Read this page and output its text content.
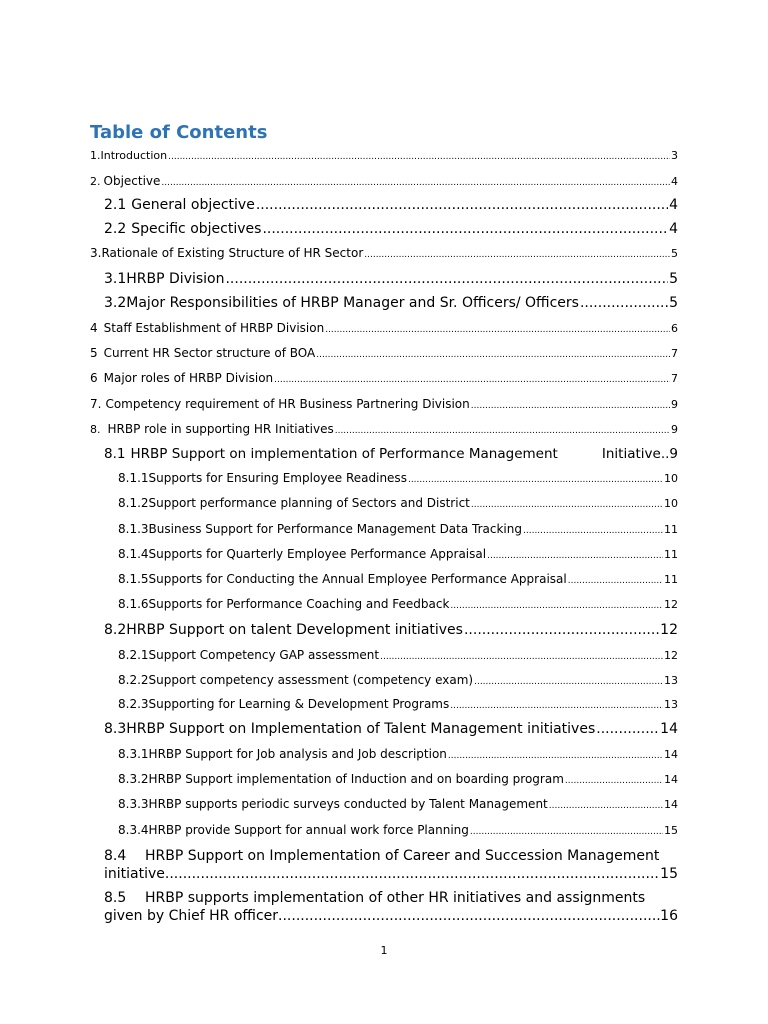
Table of Contents
1. Introduction .....	3
2. Objective .....	4
2.1 General objective .....	4
2.2 Specific objectives .....	4
3. Rationale of Existing Structure of HR Sector .....	5
3.1 HRBP Division .....	5
3.2 Major Responsibilities of HRBP Manager and Sr. Officers/ Officers .....	5
4 Staff Establishment of HRBP Division .....	6
5 Current HR Sector structure of BOA .....	7
6 Major roles of HRBP Division .....	7
7. Competency requirement of HR Business Partnering Division .....	9
8. HRBP role in supporting HR Initiatives .....	9
8.1 HRBP Support on implementation of Performance Management	Initiative .. 9
8.1.1 Supports for Ensuring Employee Readiness .....	10
8.1.2 Support performance planning of Sectors and District .....	10
8.1.3 Business Support for Performance Management Data Tracking .....	11
8.1.4 Supports for Quarterly Employee Performance Appraisal .....	11
8.1.5 Supports for Conducting the Annual Employee Performance Appraisal .....	11
8.1.6 Supports for Performance Coaching and Feedback .....	12
8.2 HRBP Support on talent Development initiatives .....	12
8.2.1 Support Competency GAP assessment .....	12
8.2.2 Support competency assessment (competency exam) .....	13
8.2.3 Supporting for Learning & Development Programs .....	13
8.3 HRBP Support on Implementation of Talent Management initiatives .....	14
8.3.1 HRBP Support for Job analysis and Job description .....	14
8.3.2 HRBP Support implementation of Induction and on boarding program .....	14
8.3.3 HRBP supports periodic surveys conducted by Talent Management .....	14
8.3.4 HRBP provide Support for annual work force Planning .....	15
8.4 HRBP Support on Implementation of Career and Succession Management
initiative .....	15
8.5 HRBP supports implementation of other HR initiatives and assignments
given by Chief HR officer .....	16
1
